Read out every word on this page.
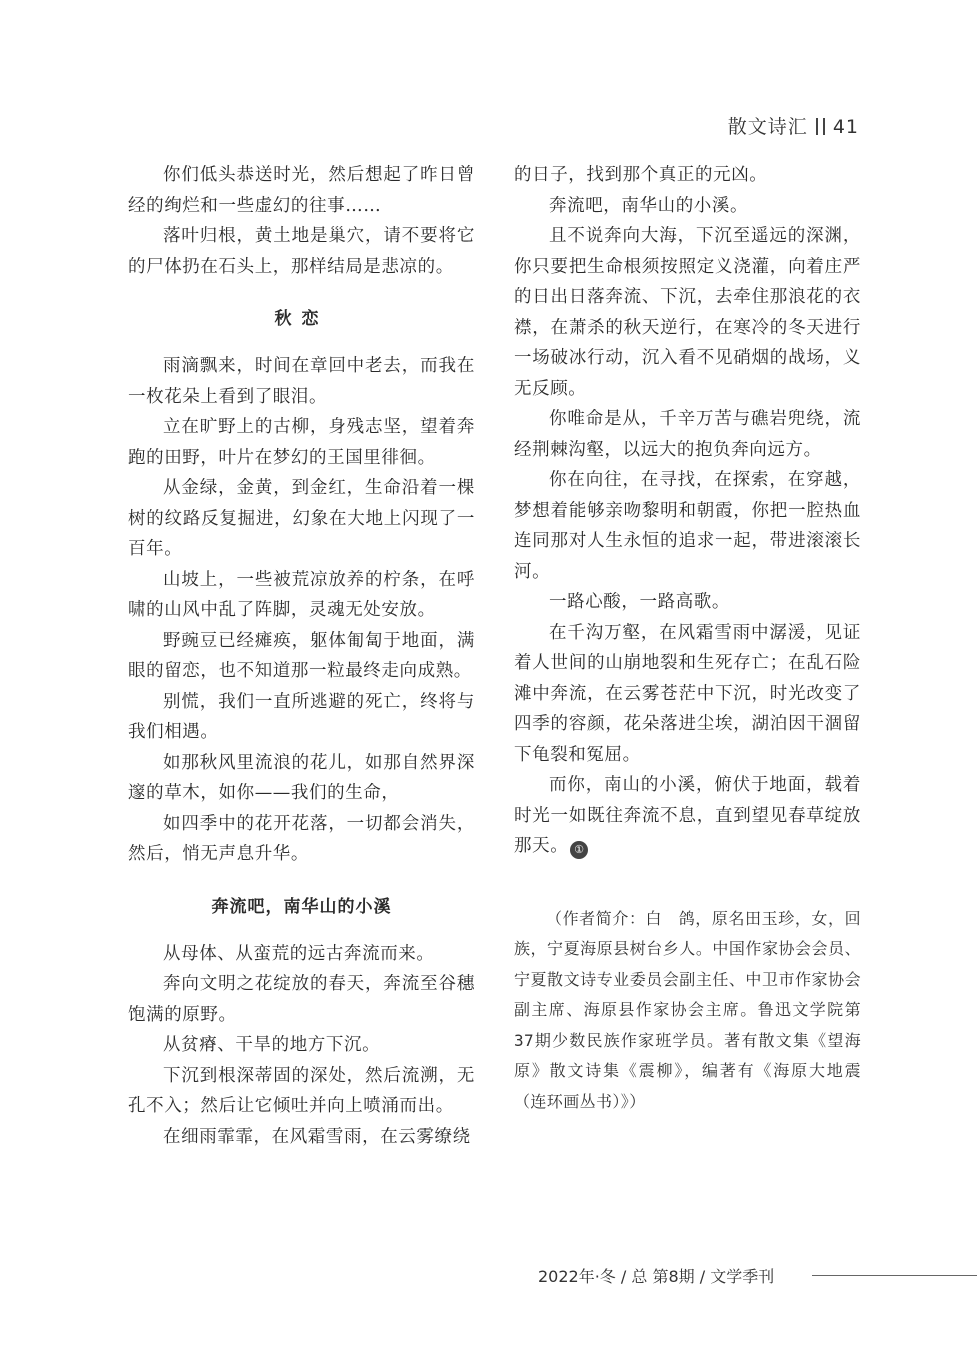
散文诗汇 41

你们低头恭送时光，然后想起了昨日曾经的绚烂和一些虚幻的往事……

落叶归根，黄土地是巢穴，请不要将它的尸体扔在石头上，那样结局是悲凉的。

秋恋

雨滴飘来，时间在章回中老去，而我在一枚花朵上看到了眼泪。

立在旷野上的古柳，身残志坚，望着奔跑的田野，叶片在梦幻的王国里徘徊。

从金绿，金黄，到金红，生命沿着一棵树的纹路反复掘进，幻象在大地上闪现了一百年。

山坡上，一些被荒凉放养的柠条，在呼啸的山风中乱了阵脚，灵魂无处安放。

野豌豆已经瘫痪，躯体匍匐于地面，满眼的留恋，也不知道那一粒最终走向成熟。

别慌，我们一直所逃避的死亡，终将与我们相遇。

如那秋风里流浪的花儿，如那自然界深邃的草木，如你——我们的生命，

如四季中的花开花落，一切都会消失，然后，悄无声息升华。

奔流吧，南华山的小溪

从母体、从蛮荒的远古奔流而来。

奔向文明之花绽放的春天，奔流至谷穗饱满的原野。

从贫瘠、干旱的地方下沉。

下沉到根深蒂固的深处，然后流溯，无孔不入；然后让它倾吐并向上喷涌而出。

在细雨霏霏，在风霜雪雨，在云雾缭绕

的日子，找到那个真正的元凶。

奔流吧，南华山的小溪。

且不说奔向大海，下沉至遥远的深渊，你只要把生命根须按照定义浇灌，向着庄严的日出日落奔流、下沉，去牵住那浪花的衣襟，在萧杀的秋天逆行，在寒冷的冬天进行一场破冰行动，沉入看不见硝烟的战场，义无反顾。

你唯命是从，千辛万苦与礁岩兜绕，流经荆棘沟壑，以远大的抱负奔向远方。

你在向往，在寻找，在探索，在穿越，梦想着能够亲吻黎明和朝霞，你把一腔热血连同那对人生永恒的追求一起，带进滚滚长河。

一路心酸，一路高歌。

在千沟万壑，在风霜雪雨中潺湲，见证着人世间的山崩地裂和生死存亡；在乱石险滩中奔流，在云雾苍茫中下沉，时光改变了四季的容颜，花朵落进尘埃，湖泊因干涸留下龟裂和冤屈。

而你，南山的小溪，俯伏于地面，载着时光一如既往奔流不息，直到望见春草绽放那天。 ①

（作者简介：白　鸽，原名田玉珍，女，回族，宁夏海原县树台乡人。中国作家协会会员、宁夏散文诗专业委员会副主任、中卫市作家协会副主席、海原县作家协会主席。鲁迅文学院第37期少数民族作家班学员。著有散文集《望海原》散文诗集《震柳》，编著有《海原大地震（连环画丛书）》）

2022年·冬 / 总 第8期 / 文学季刊
